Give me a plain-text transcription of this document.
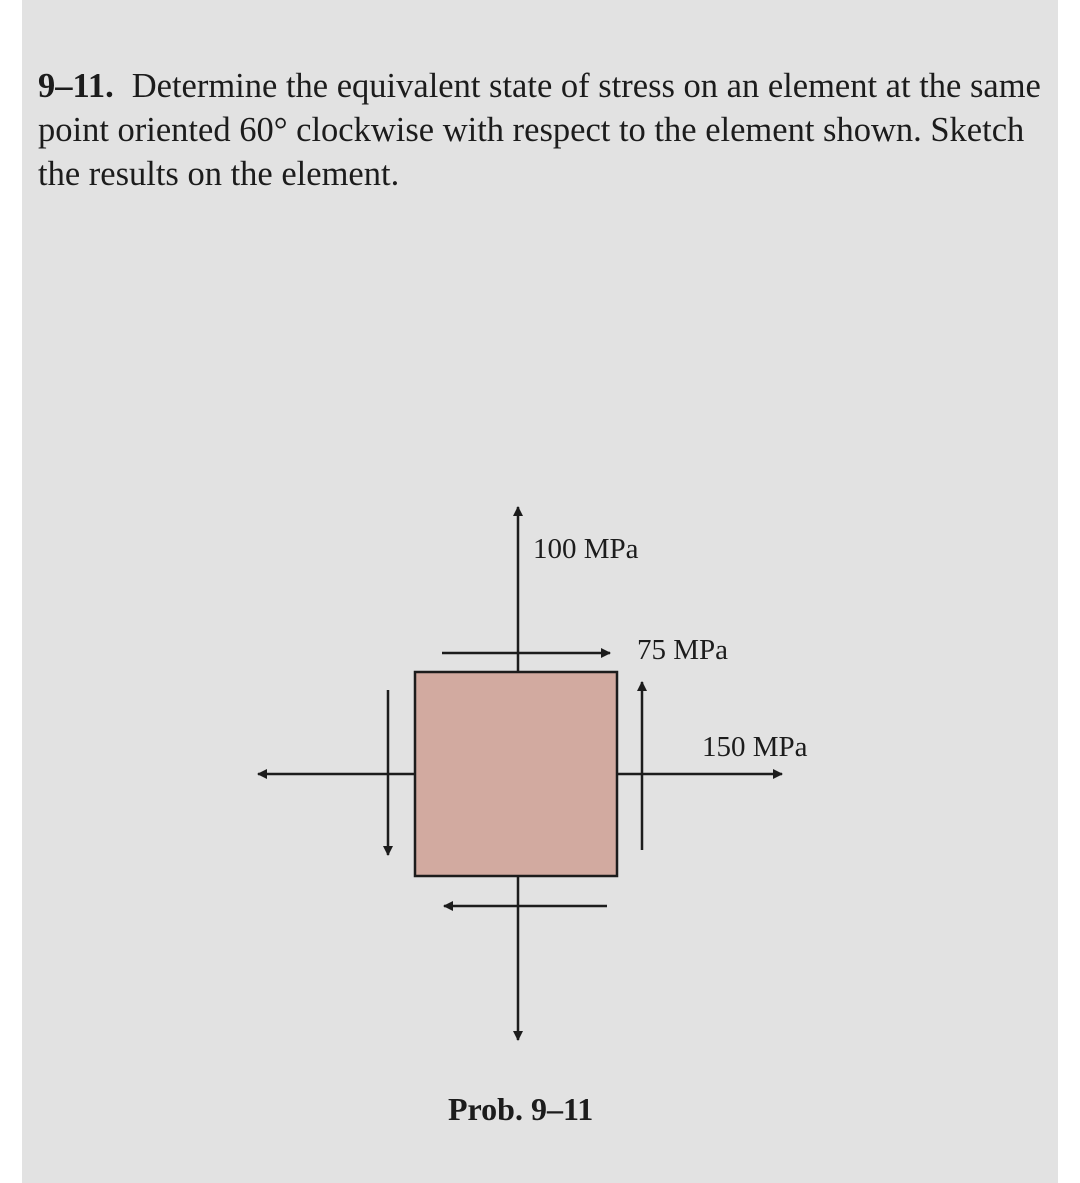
9–11. Determine the equivalent state of stress on an element at the same point oriented 60° clockwise with respect to the element shown. Sketch the results on the element.

100 MPa
75 MPa
150 MPa
Prob. 9–11
